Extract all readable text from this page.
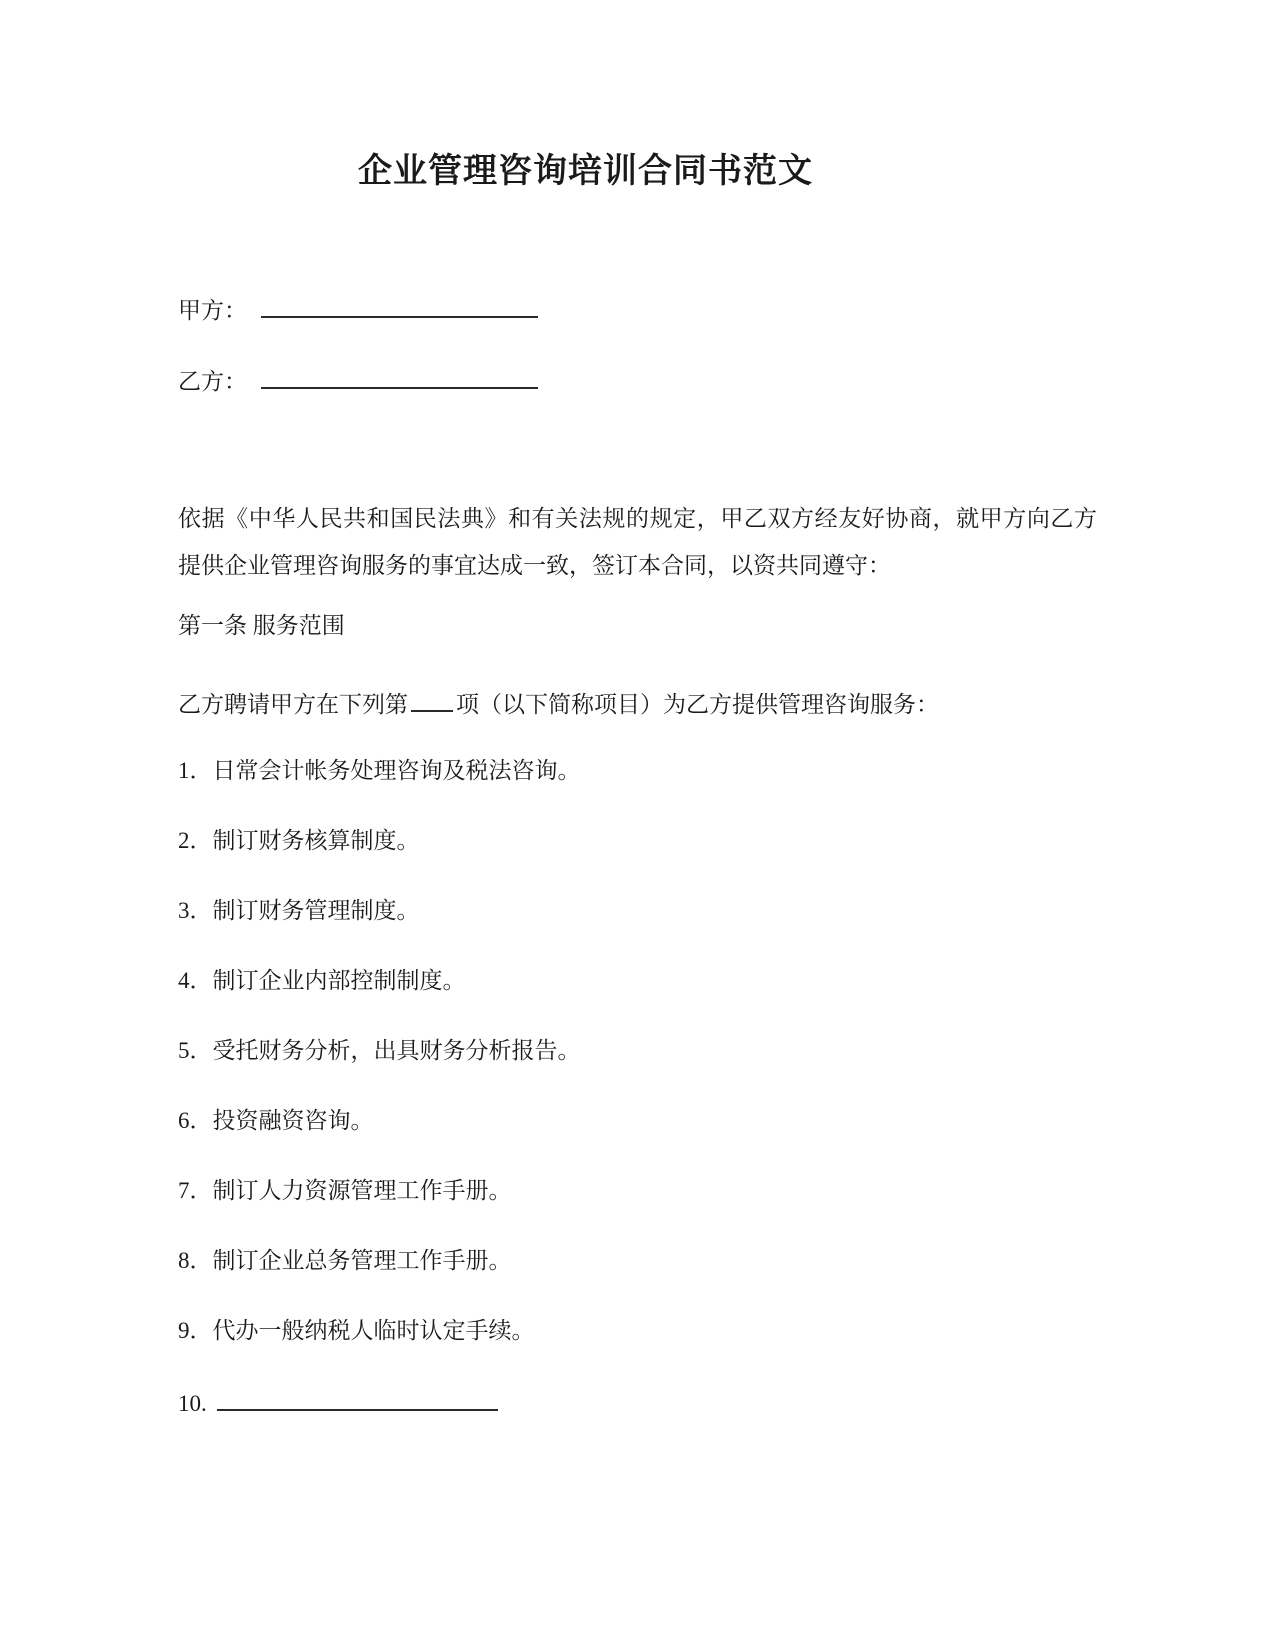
企业管理咨询培训合同书范文

甲方：

乙方：

依据《中华人民共和国民法典》和有关法规的规定，甲乙双方经友好协商，就甲方向乙方提供企业管理咨询服务的事宜达成一致，签订本合同，以资共同遵守：

第一条 服务范围

乙方聘请甲方在下列第 项（以下简称项目）为乙方提供管理咨询服务：

1．日常会计帐务处理咨询及税法咨询。

2．制订财务核算制度。

3．制订财务管理制度。

4．制订企业内部控制制度。

5．受托财务分析，出具财务分析报告。

6．投资融资咨询。

7．制订人力资源管理工作手册。

8．制订企业总务管理工作手册。

9．代办一般纳税人临时认定手续。

10.
